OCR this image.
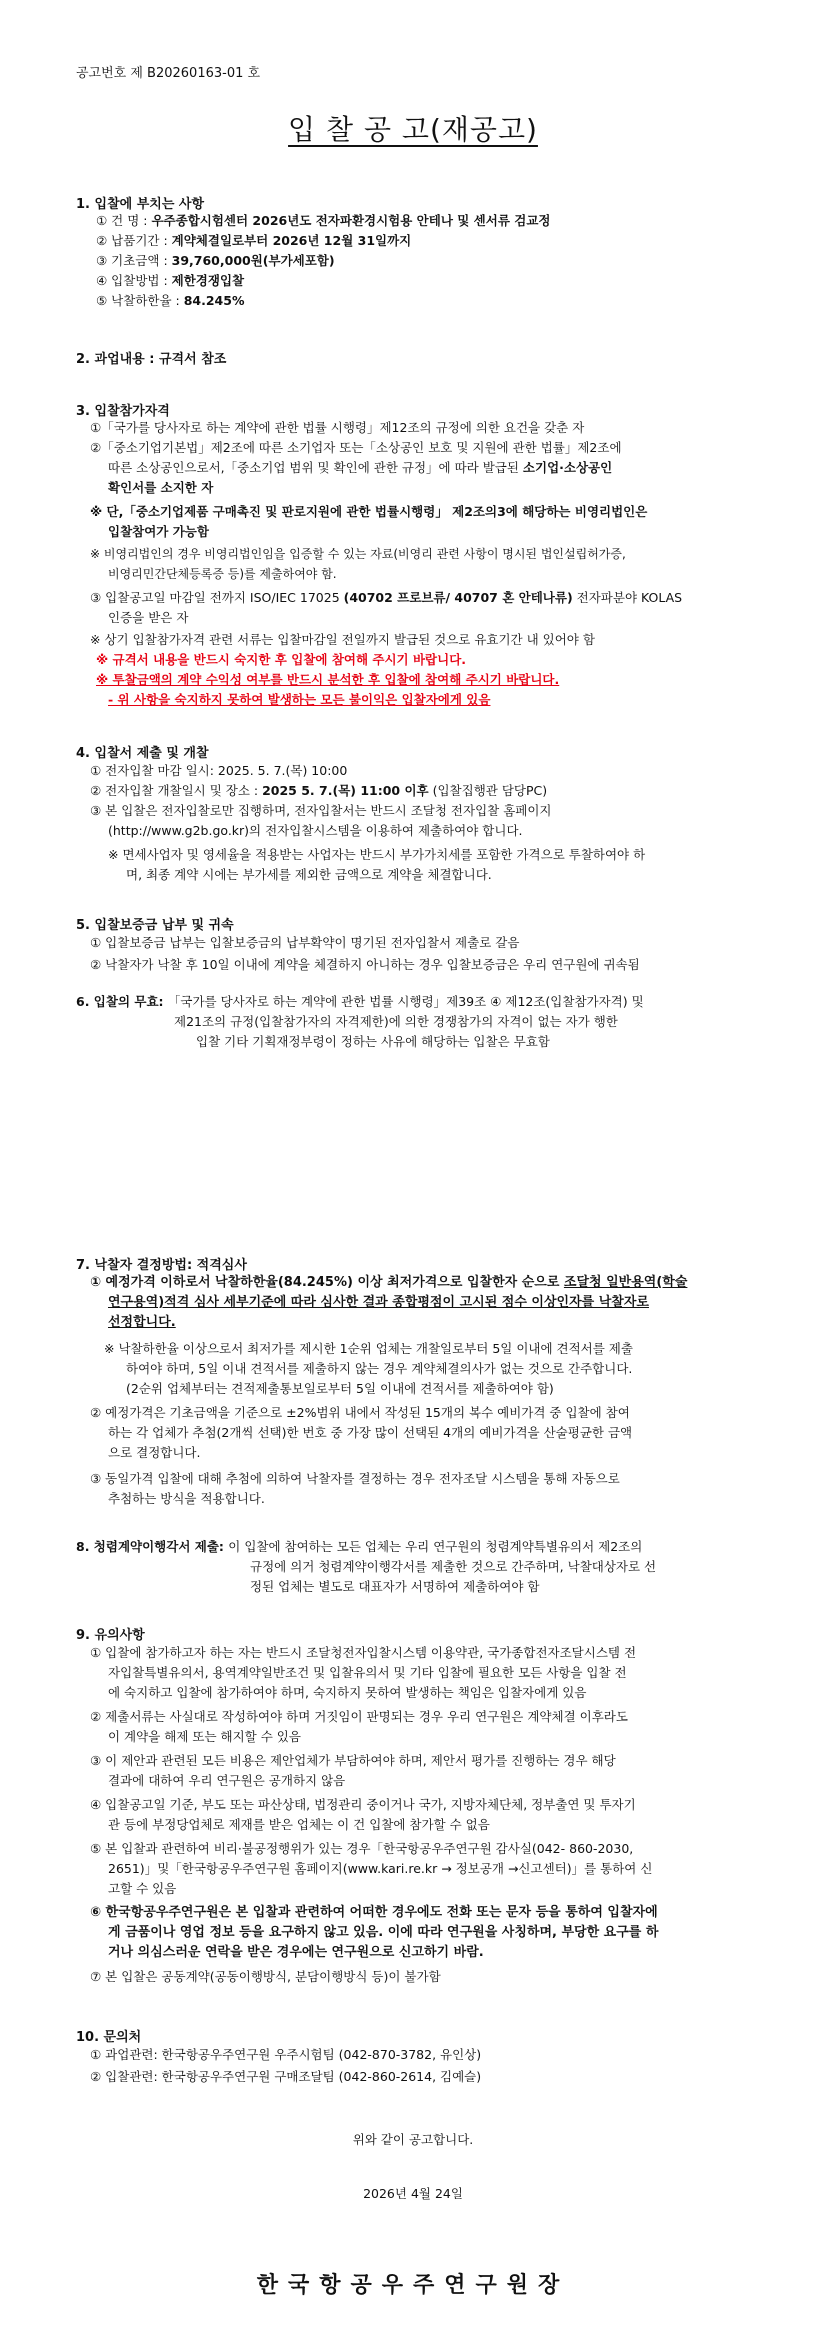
공고번호 제 B20260163-01 호
입 찰 공 고(재공고)
1. 입찰에 부치는 사항
① 건 명 : 우주종합시험센터 2026년도 전자파환경시험용 안테나 및 센서류 검교정
② 납품기간 : 계약체결일로부터 2026년 12월 31일까지
③ 기초금액 : 39,760,000원(부가세포함)
④ 입찰방법 : 제한경쟁입찰
⑤ 낙찰하한율 : 84.245%
2. 과업내용 : 규격서 참조
3. 입찰참가자격
①「국가를 당사자로 하는 계약에 관한 법률 시행령」제12조의 규정에 의한 요건을 갖춘 자
②「중소기업기본법」제2조에 따른 소기업자 또는「소상공인 보호 및 지원에 관한 법률」제2조에
따른 소상공인으로서,「중소기업 범위 및 확인에 관한 규정」에 따라 발급된 소기업·소상공인
확인서를 소지한 자
※ 단,「중소기업제품 구매촉진 및 판로지원에 관한 법률시행령」 제2조의3에 해당하는 비영리법인은
입찰참여가 가능함
※ 비영리법인의 경우 비영리법인임을 입증할 수 있는 자료(비영리 관련 사항이 명시된 법인설립허가증,
비영리민간단체등록증 등)를 제출하여야 함.
③ 입찰공고일 마감일 전까지 ISO/IEC 17025 (40702 프로브류/ 40707 혼 안테나류) 전자파분야 KOLAS
인증을 받은 자
※ 상기 입찰참가자격 관련 서류는 입찰마감일 전일까지 발급된 것으로 유효기간 내 있어야 함
※ 규격서 내용을 반드시 숙지한 후 입찰에 참여해 주시기 바랍니다.
※ 투찰금액의 계약 수익성 여부를 반드시 분석한 후 입찰에 참여해 주시기 바랍니다.
- 위 사항을 숙지하지 못하여 발생하는 모든 불이익은 입찰자에게 있음
4. 입찰서 제출 및 개찰
① 전자입찰 마감 일시: 2025. 5. 7.(목) 10:00
② 전자입찰 개찰일시 및 장소 : 2025 5. 7.(목) 11:00 이후 (입찰집행관 담당PC)
③ 본 입찰은 전자입찰로만 집행하며, 전자입찰서는 반드시 조달청 전자입찰 홈페이지
(http://www.g2b.go.kr)의 전자입찰시스템을 이용하여 제출하여야 합니다.
※ 면세사업자 및 영세율을 적용받는 사업자는 반드시 부가가치세를 포함한 가격으로 투찰하여야 하
며, 최종 계약 시에는 부가세를 제외한 금액으로 계약을 체결합니다.
5. 입찰보증금 납부 및 귀속
① 입찰보증금 납부는 입찰보증금의 납부확약이 명기된 전자입찰서 제출로 갈음
② 낙찰자가 낙찰 후 10일 이내에 계약을 체결하지 아니하는 경우 입찰보증금은 우리 연구원에 귀속됨
6. 입찰의 무효: 「국가를 당사자로 하는 계약에 관한 법률 시행령」제39조 ④ 제12조(입찰참가자격) 및
제21조의 규정(입찰참가자의 자격제한)에 의한 경쟁참가의 자격이 없는 자가 행한
입찰 기타 기획재정부령이 정하는 사유에 해당하는 입찰은 무효함
7. 낙찰자 결정방법: 적격심사
① 예정가격 이하로서 낙찰하한율(84.245%) 이상 최저가격으로 입찰한자 순으로 조달청 일반용역(학술
연구용역)적격 심사 세부기준에 따라 심사한 결과 종합평점이 고시된 점수 이상인자를 낙찰자로
선정합니다.
※ 낙찰하한율 이상으로서 최저가를 제시한 1순위 업체는 개찰일로부터 5일 이내에 견적서를 제출
하여야 하며, 5일 이내 견적서를 제출하지 않는 경우 계약체결의사가 없는 것으로 간주합니다.
(2순위 업체부터는 견적제출통보일로부터 5일 이내에 견적서를 제출하여야 함)
② 예정가격은 기초금액을 기준으로 ±2%범위 내에서 작성된 15개의 복수 예비가격 중 입찰에 참여
하는 각 업체가 추첨(2개씩 선택)한 번호 중 가장 많이 선택된 4개의 예비가격을 산술평균한 금액
으로 결정합니다.
③ 동일가격 입찰에 대해 추첨에 의하여 낙찰자를 결정하는 경우 전자조달 시스템을 통해 자동으로
추첨하는 방식을 적용합니다.
8. 청렴계약이행각서 제출: 이 입찰에 참여하는 모든 업체는 우리 연구원의 청렴계약특별유의서 제2조의
규정에 의거 청렴계약이행각서를 제출한 것으로 간주하며, 낙찰대상자로 선
정된 업체는 별도로 대표자가 서명하여 제출하여야 함
9. 유의사항
① 입찰에 참가하고자 하는 자는 반드시 조달청전자입찰시스템 이용약관, 국가종합전자조달시스템 전
자입찰특별유의서, 용역계약일반조건 및 입찰유의서 및 기타 입찰에 필요한 모든 사항을 입찰 전
에 숙지하고 입찰에 참가하여야 하며, 숙지하지 못하여 발생하는 책임은 입찰자에게 있음
② 제출서류는 사실대로 작성하여야 하며 거짓임이 판명되는 경우 우리 연구원은 계약체결 이후라도
이 계약을 해제 또는 해지할 수 있음
③ 이 제안과 관련된 모든 비용은 제안업체가 부담하여야 하며, 제안서 평가를 진행하는 경우 해당
결과에 대하여 우리 연구원은 공개하지 않음
④ 입찰공고일 기준, 부도 또는 파산상태, 법정관리 중이거나 국가, 지방자체단체, 정부출연 및 투자기
관 등에 부정당업체로 제재를 받은 업체는 이 건 입찰에 참가할 수 없음
⑤ 본 입찰과 관련하여 비리·불공정행위가 있는 경우「한국항공우주연구원 감사실(042- 860-2030,
2651)」및「한국항공우주연구원 홈페이지(www.kari.re.kr → 정보공개 →신고센터)」를 통하여 신
고할 수 있음
⑥ 한국항공우주연구원은 본 입찰과 관련하여 어떠한 경우에도 전화 또는 문자 등을 통하여 입찰자에
게 금품이나 영업 정보 등을 요구하지 않고 있음. 이에 따라 연구원을 사칭하며, 부당한 요구를 하
거나 의심스러운 연락을 받은 경우에는 연구원으로 신고하기 바람.
⑦ 본 입찰은 공동계약(공동이행방식, 분담이행방식 등)이 불가함
10. 문의처
① 과업관련: 한국항공우주연구원 우주시험팀 (042-870-3782, 유인상)
② 입찰관련: 한국항공우주연구원 구매조달팀 (042-860-2614, 김예슬)
위와 같이 공고합니다.
2026년 4월 24일
한국항공우주연구원장
